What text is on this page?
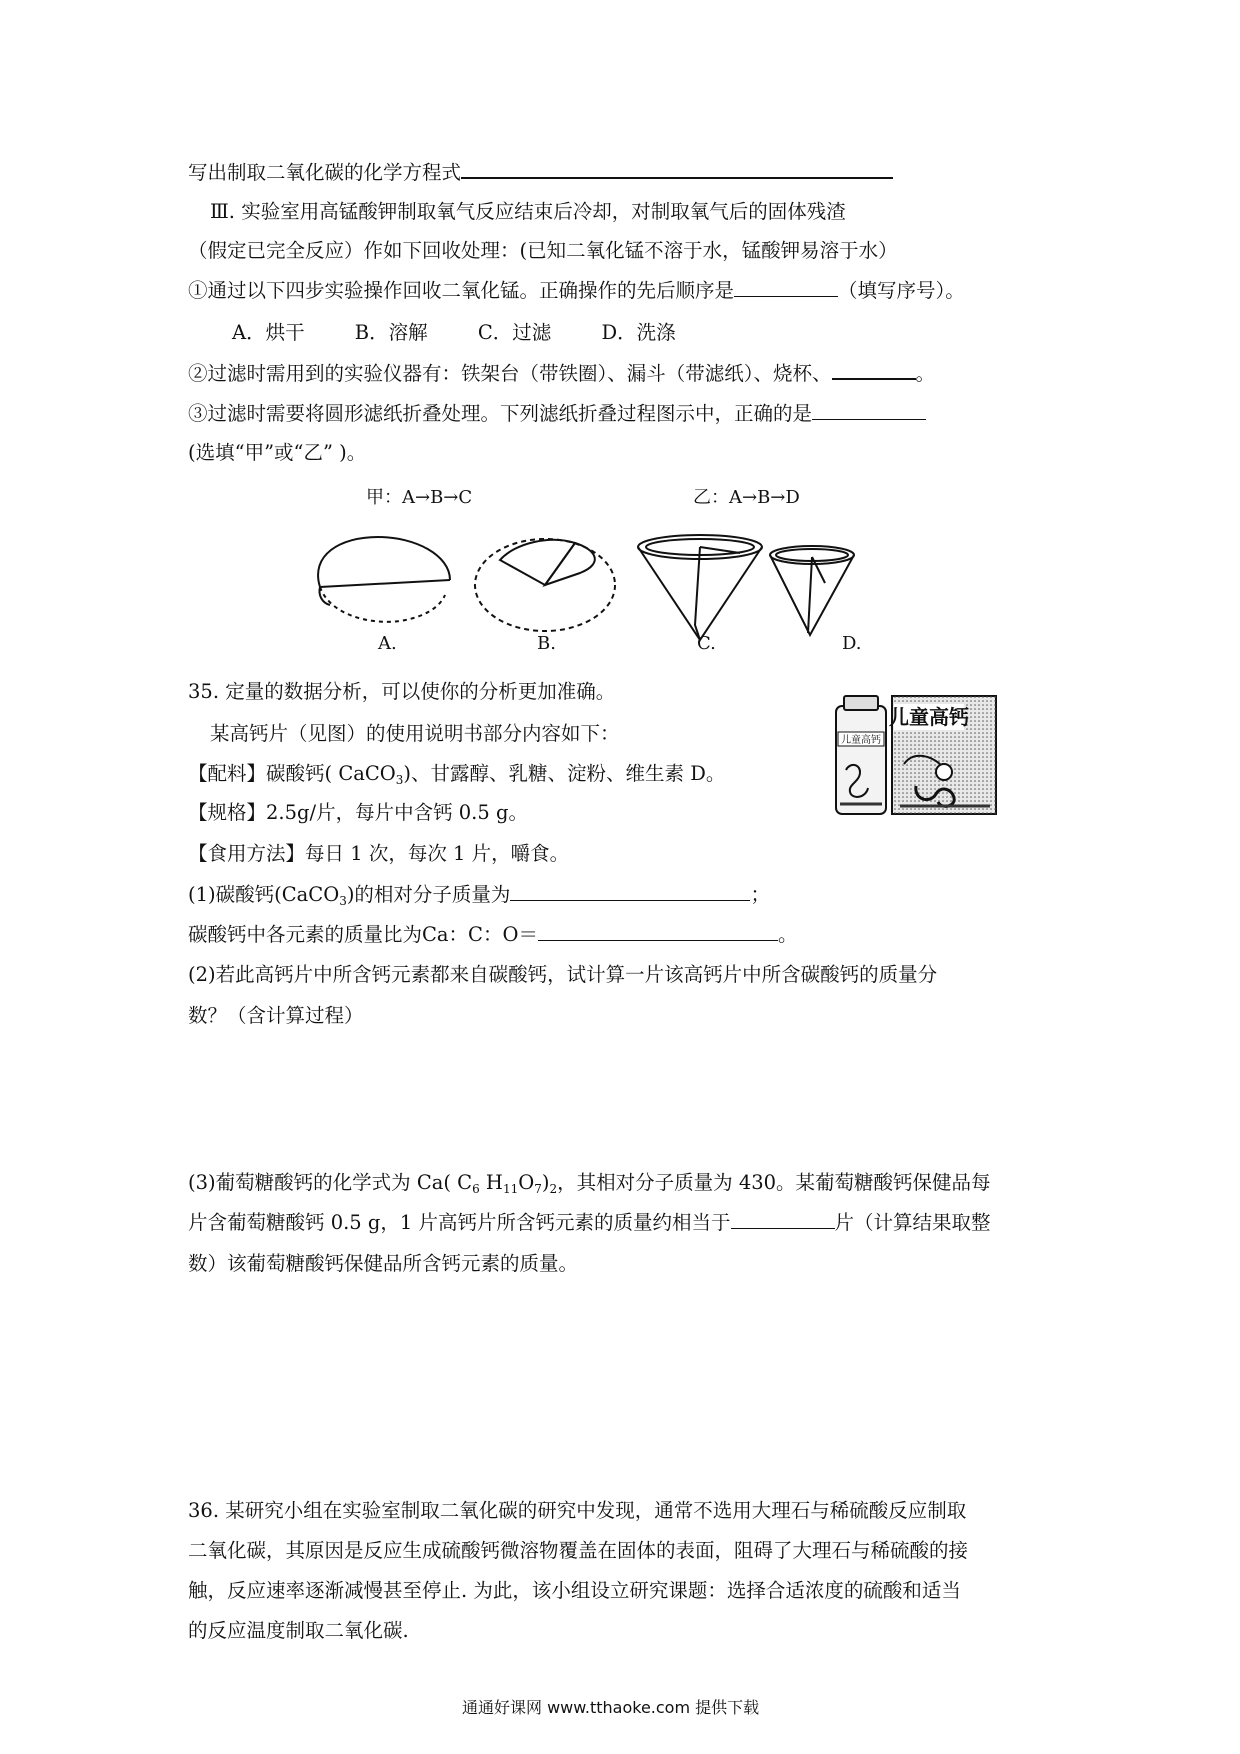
写出制取二氧化碳的化学方程式
Ⅲ. 实验室用高锰酸钾制取氧气反应结束后冷却，对制取氧气后的固体残渣
（假定已完全反应）作如下回收处理：(已知二氧化锰不溶于水，锰酸钾易溶于水）
①通过以下四步实验操作回收二氧化锰。正确操作的先后顺序是	（填写序号）。
A．烘干	B．溶解	C．过滤	D．洗涤
②过滤时需用到的实验仪器有：铁架台（带铁圈）、漏斗（带滤纸）、烧杯、	。
③过滤时需要将圆形滤纸折叠处理。下列滤纸折叠过程图示中，正确的是
(选填“甲”或“乙” )。
甲：A→B→C	乙：A→B→D
A.	B.	C.	D.
35. 定量的数据分析，可以使你的分析更加准确。
某高钙片（见图）的使用说明书部分内容如下：
【配料】碳酸钙( CaCO$_3$)、甘露醇、乳糖、淀粉、维生素 D。
【规格】2.5g/片，每片中含钙 0.5 g。
【食用方法】每日 1 次，每次 1 片，嚼食。
儿童高钙
儿童高钙
(1)碳酸钙(CaCO$_3$)的相对分子质量为	；
碳酸钙中各元素的质量比为Ca：C：O＝	。
(2)若此高钙片中所含钙元素都来自碳酸钙，试计算一片该高钙片中所含碳酸钙的质量分
数？（含计算过程）
(3)葡萄糖酸钙的化学式为 Ca( $C_6$ $H_{11}O_7)_2$，其相对分子质量为 430。某葡萄糖酸钙保健品每
片含葡萄糖酸钙 0.5 g，1 片高钙片所含钙元素的质量约相当于	片（计算结果取整
数）该葡萄糖酸钙保健品所含钙元素的质量。
36. 某研究小组在实验室制取二氧化碳的研究中发现，通常不选用大理石与稀硫酸反应制取
二氧化碳，其原因是反应生成硫酸钙微溶物覆盖在固体的表面，阻碍了大理石与稀硫酸的接
触，反应速率逐渐减慢甚至停止. 为此，该小组设立研究课题：选择合适浓度的硫酸和适当
的反应温度制取二氧化碳.
通通好课网 www.tthaoke.com 提供下载
